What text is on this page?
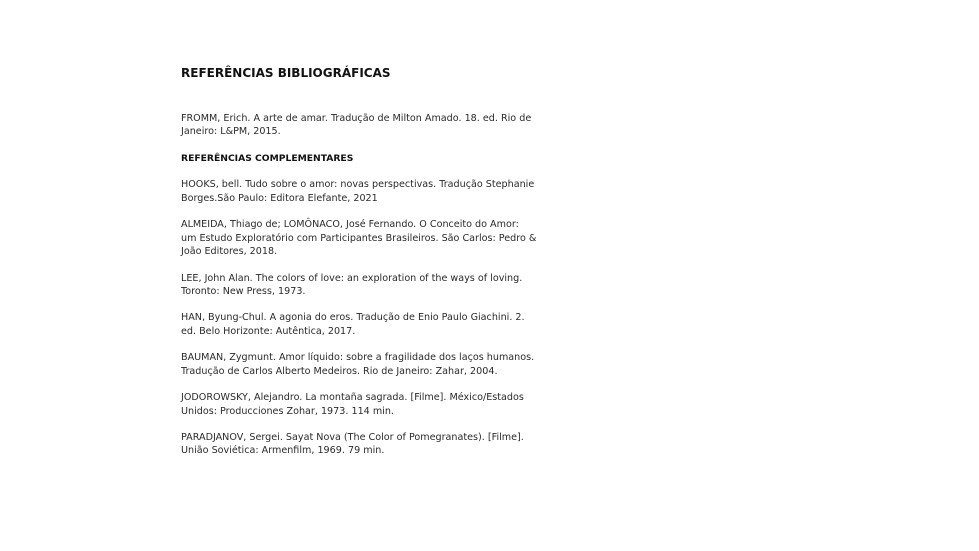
REFERÊNCIAS BIBLIOGRÁFICAS

FROMM, Erich. A arte de amar. Tradução de Milton Amado. 18. ed. Rio de
Janeiro: L&PM, 2015.

REFERÊNCIAS COMPLEMENTARES

HOOKS, bell. Tudo sobre o amor: novas perspectivas. Tradução Stephanie
Borges.São Paulo: Editora Elefante, 2021

ALMEIDA, Thiago de; LOMÔNACO, José Fernando. O Conceito do Amor:
um Estudo Exploratório com Participantes Brasileiros. São Carlos: Pedro &
João Editores, 2018.

LEE, John Alan. The colors of love: an exploration of the ways of loving.
Toronto: New Press, 1973.

HAN, Byung-Chul. A agonia do eros. Tradução de Enio Paulo Giachini. 2.
ed. Belo Horizonte: Autêntica, 2017.

BAUMAN, Zygmunt. Amor líquido: sobre a fragilidade dos laços humanos.
Tradução de Carlos Alberto Medeiros. Rio de Janeiro: Zahar, 2004.

JODOROWSKY, Alejandro. La montaña sagrada. [Filme]. México/Estados
Unidos: Producciones Zohar, 1973. 114 min.

PARADJANOV, Sergei. Sayat Nova (The Color of Pomegranates). [Filme].
União Soviética: Armenfilm, 1969. 79 min.
